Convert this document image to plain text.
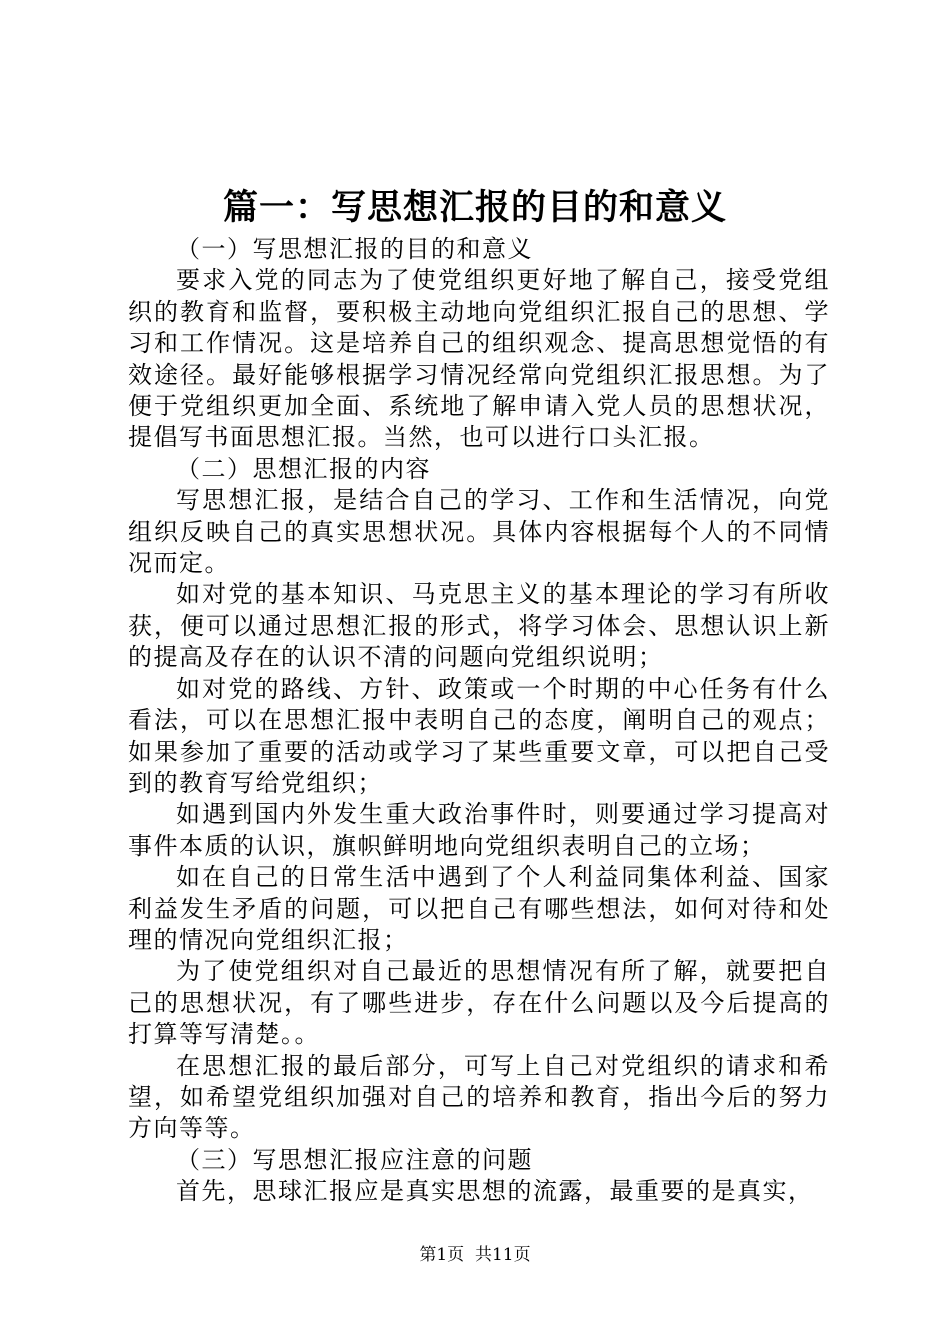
篇一：写思想汇报的目的和意义

（一）写思想汇报的目的和意义

要求入党的同志为了使党组织更好地了解自己，接受党组织的教育和监督，要积极主动地向党组织汇报自己的思想、学习和工作情况。这是培养自己的组织观念、提高思想觉悟的有效途径。最好能够根据学习情况经常向党组织汇报思想。为了便于党组织更加全面、系统地了解申请入党人员的思想状况，提倡写书面思想汇报。当然，也可以进行口头汇报。

（二）思想汇报的内容

写思想汇报，是结合自己的学习、工作和生活情况，向党组织反映自己的真实思想状况。具体内容根据每个人的不同情况而定。

如对党的基本知识、马克思主义的基本理论的学习有所收获，便可以通过思想汇报的形式，将学习体会、思想认识上新的提高及存在的认识不清的问题向党组织说明；

如对党的路线、方针、政策或一个时期的中心任务有什么看法，可以在思想汇报中表明自己的态度，阐明自己的观点；如果参加了重要的活动或学习了某些重要文章，可以把自己受到的教育写给党组织；

如遇到国内外发生重大政治事件时，则要通过学习提高对事件本质的认识，旗帜鲜明地向党组织表明自己的立场；

如在自己的日常生活中遇到了个人利益同集体利益、国家利益发生矛盾的问题，可以把自己有哪些想法，如何对待和处理的情况向党组织汇报；

为了使党组织对自己最近的思想情况有所了解，就要把自己的思想状况，有了哪些进步，存在什么问题以及今后提高的打算等写清楚。。

在思想汇报的最后部分，可写上自己对党组织的请求和希望，如希望党组织加强对自己的培养和教育，指出今后的努力方向等等。

（三）写思想汇报应注意的问题

首先，思球汇报应是真实思想的流露，最重要的是真实，

第1页  共11页
